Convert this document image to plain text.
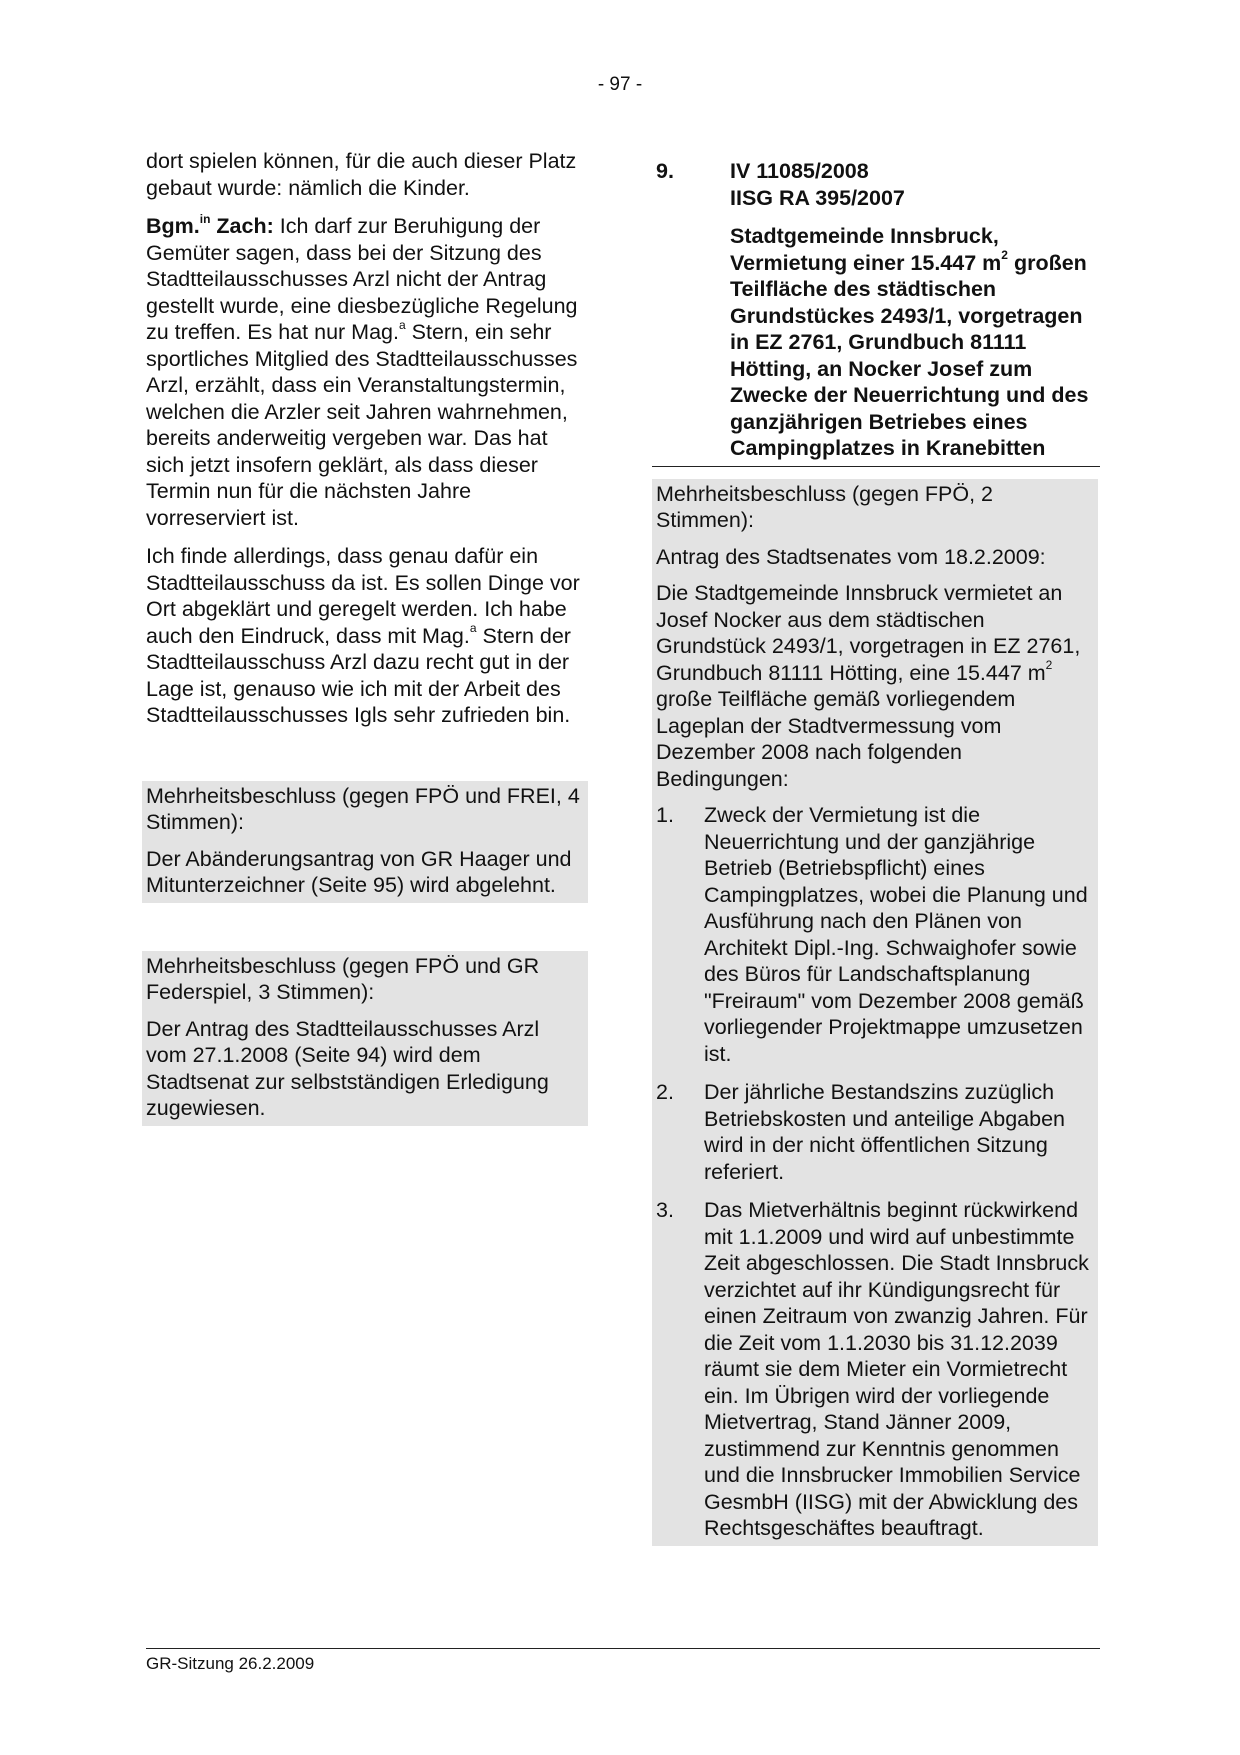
- 97 -

dort spielen können, für die auch dieser Platz gebaut wurde: nämlich die Kinder.

Bgm.$^{in}$ Zach: Ich darf zur Beruhigung der Gemüter sagen, dass bei der Sitzung des Stadtteilausschusses Arzl nicht der Antrag gestellt wurde, eine diesbezügliche Regelung zu treffen. Es hat nur Mag.$^a$ Stern, ein sehr sportliches Mitglied des Stadtteilausschusses Arzl, erzählt, dass ein Veranstaltungstermin, welchen die Arzler seit Jahren wahrnehmen, bereits anderweitig vergeben war. Das hat sich jetzt insofern geklärt, als dass dieser Termin nun für die nächsten Jahre vorreserviert ist.

Ich finde allerdings, dass genau dafür ein Stadtteilausschuss da ist. Es sollen Dinge vor Ort abgeklärt und geregelt werden. Ich habe auch den Eindruck, dass mit Mag.$^a$ Stern der Stadtteilausschuss Arzl dazu recht gut in der Lage ist, genauso wie ich mit der Arbeit des Stadtteilausschusses Igls sehr zufrieden bin.

Mehrheitsbeschluss (gegen FPÖ und FREI, 4 Stimmen):

Der Abänderungsantrag von GR Haager und Mitunterzeichner (Seite 95) wird abgelehnt.

Mehrheitsbeschluss (gegen FPÖ und GR Federspiel, 3 Stimmen):

Der Antrag des Stadtteilausschusses Arzl vom 27.1.2008 (Seite 94) wird dem Stadtsenat zur selbstständigen Erledigung zugewiesen.

9.	IV 11085/2008
IISG RA 395/2007
Stadtgemeinde Innsbruck, Vermietung einer 15.447 $m^2$ großen Teilfläche des städtischen Grundstückes 2493/1, vorgetragen in EZ 2761, Grundbuch 81111 Hötting, an Nocker Josef zum Zwecke der Neuerrichtung und des ganzjährigen Betriebes eines Campingplatzes in Kranebitten

Mehrheitsbeschluss (gegen FPÖ, 2 Stimmen):

Antrag des Stadtsenates vom 18.2.2009:

Die Stadtgemeinde Innsbruck vermietet an Josef Nocker aus dem städtischen Grundstück 2493/1, vorgetragen in EZ 2761, Grundbuch 81111 Hötting, eine 15.447 $m^2$ große Teilfläche gemäß vorliegendem Lageplan der Stadtvermessung vom Dezember 2008 nach folgenden Bedingungen:

1.	Zweck der Vermietung ist die Neuerrichtung und der ganzjährige Betrieb (Betriebspflicht) eines Campingplatzes, wobei die Planung und Ausführung nach den Plänen von Architekt Dipl.-Ing. Schwaighofer sowie des Büros für Landschaftsplanung "Freiraum" vom Dezember 2008 gemäß vorliegender Projektmappe umzusetzen ist.
2.	Der jährliche Bestandszins zuzüglich Betriebskosten und anteilige Abgaben wird in der nicht öffentlichen Sitzung referiert.
3.	Das Mietverhältnis beginnt rückwirkend mit 1.1.2009 und wird auf unbestimmte Zeit abgeschlossen. Die Stadt Innsbruck verzichtet auf ihr Kündigungsrecht für einen Zeitraum von zwanzig Jahren. Für die Zeit vom 1.1.2030 bis 31.12.2039 räumt sie dem Mieter ein Vormietrecht ein. Im Übrigen wird der vorliegende Mietvertrag, Stand Jänner 2009, zustimmend zur Kenntnis genommen und die Innsbrucker Immobilien Service GesmbH (IISG) mit der Abwicklung des Rechtsgeschäftes beauftragt.
GR-Sitzung 26.2.2009
